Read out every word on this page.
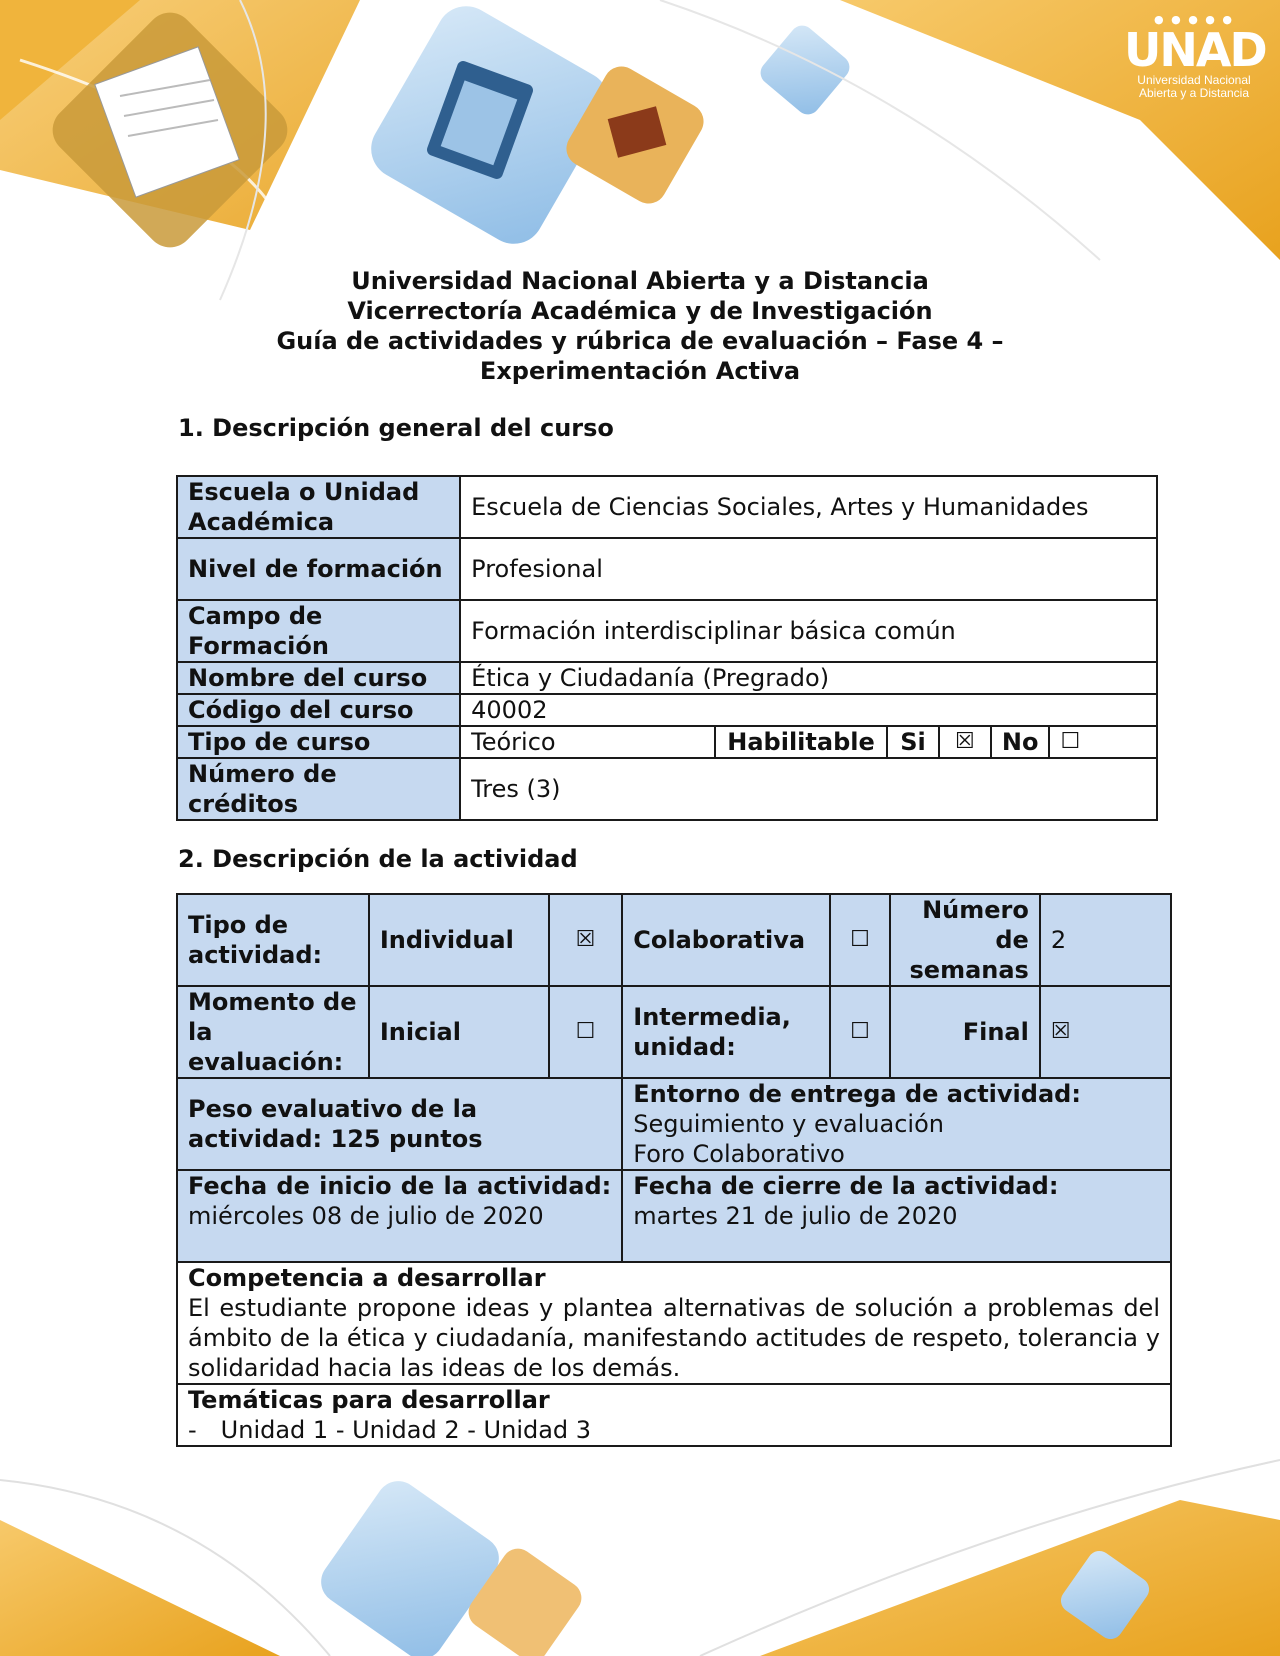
● ● ● ● ●
UNAD
Universidad Nacional
Abierta y a Distancia
Universidad Nacional Abierta y a Distancia
Vicerrectoría Académica y de Investigación
Guía de actividades y rúbrica de evaluación – Fase 4 –
Experimentación Activa
1. Descripción general del curso
Escuela o Unidad Académica	Escuela de Ciencias Sociales, Artes y Humanidades					
Nivel de formación	Profesional					
Campo de Formación	Formación interdisciplinar básica común					
Nombre del curso	Ética y Ciudadanía (Pregrado)					
Código del curso	40002					
Tipo de curso	Teórico	Habilitable	Si	☒	No	☐
Número de créditos	Tres (3)					
2. Descripción de la actividad
Tipo de actividad:	Individual	☒	Colaborativa	☐	Número de semanas	2
Momento de la evaluación:	Inicial	☐	Intermedia, unidad:	☐	Final	☒
Peso evaluativo de la actividad: 125 puntos			Entorno de entrega de actividad:
Seguimiento y evaluación
Foro Colaborativo			

Fecha de inicio de la actividad: miércoles 08 de julio de 2020			Fecha de cierre de la actividad:
martes 21 de julio de 2020			

Competencia a desarrollar
El estudiante propone ideas y plantea alternativas de solución a problemas del ámbito de la ética y ciudadanía, manifestando actitudes de respeto, tolerancia y solidaridad hacia las ideas de los demás.						

Temáticas para desarrollar
- Unidad 1 - Unidad 2 - Unidad 3						
